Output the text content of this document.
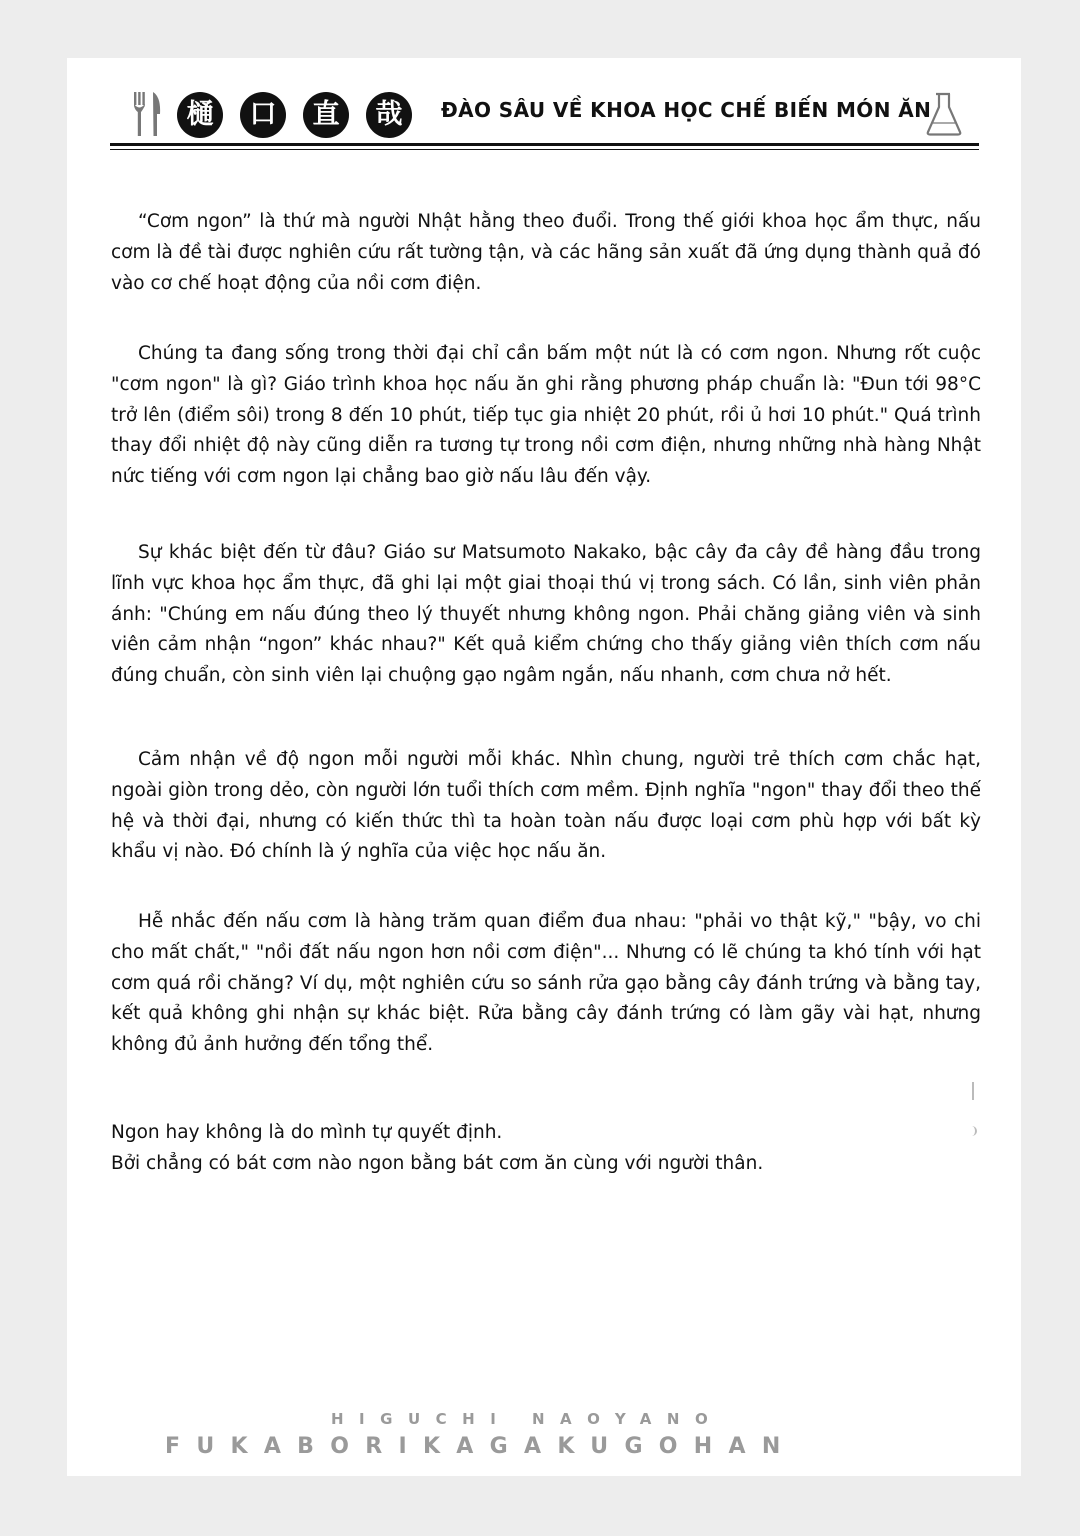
樋	口	直	哉	ĐÀO SÂU VỀ KHOA HỌC CHẾ BIẾN MÓN ĂN

“Cơm ngon” là thứ mà người Nhật hằng theo đuổi. Trong thế giới khoa học ẩm thực, nấu cơm là đề tài được nghiên cứu rất tường tận, và các hãng sản xuất đã ứng dụng thành quả đó vào cơ chế hoạt động của nồi cơm điện.

Chúng ta đang sống trong thời đại chỉ cần bấm một nút là có cơm ngon. Nhưng rốt cuộc "cơm ngon" là gì? Giáo trình khoa học nấu ăn ghi rằng phương pháp chuẩn là: "Đun tới 98°C trở lên (điểm sôi) trong 8 đến 10 phút, tiếp tục gia nhiệt 20 phút, rồi ủ hơi 10 phút." Quá trình thay đổi nhiệt độ này cũng diễn ra tương tự trong nồi cơm điện, nhưng những nhà hàng Nhật nức tiếng với cơm ngon lại chẳng bao giờ nấu lâu đến vậy.

Sự khác biệt đến từ đâu? Giáo sư Matsumoto Nakako, bậc cây đa cây đề hàng đầu trong lĩnh vực khoa học ẩm thực, đã ghi lại một giai thoại thú vị trong sách. Có lần, sinh viên phản ánh: "Chúng em nấu đúng theo lý thuyết nhưng không ngon. Phải chăng giảng viên và sinh viên cảm nhận “ngon” khác nhau?" Kết quả kiểm chứng cho thấy giảng viên thích cơm nấu đúng chuẩn, còn sinh viên lại chuộng gạo ngâm ngắn, nấu nhanh, cơm chưa nở hết.

Cảm nhận về độ ngon mỗi người mỗi khác. Nhìn chung, người trẻ thích cơm chắc hạt, ngoài giòn trong dẻo, còn người lớn tuổi thích cơm mềm. Định nghĩa "ngon" thay đổi theo thế hệ và thời đại, nhưng có kiến thức thì ta hoàn toàn nấu được loại cơm phù hợp với bất kỳ khẩu vị nào. Đó chính là ý nghĩa của việc học nấu ăn.

Hễ nhắc đến nấu cơm là hàng trăm quan điểm đua nhau: "phải vo thật kỹ," "bậy, vo chi cho mất chất," "nồi đất nấu ngon hơn nồi cơm điện"... Nhưng có lẽ chúng ta khó tính với hạt cơm quá rồi chăng? Ví dụ, một nghiên cứu so sánh rửa gạo bằng cây đánh trứng và bằng tay, kết quả không ghi nhận sự khác biệt. Rửa bằng cây đánh trứng có làm gãy vài hạt, nhưng không đủ ảnh hưởng đến tổng thể.

Ngon hay không là do mình tự quyết định.
Bởi chẳng có bát cơm nào ngon bằng bát cơm ăn cùng với người thân.
HIGUCHI NAOYANO
FUKABORIKAGAKUGOHAN
